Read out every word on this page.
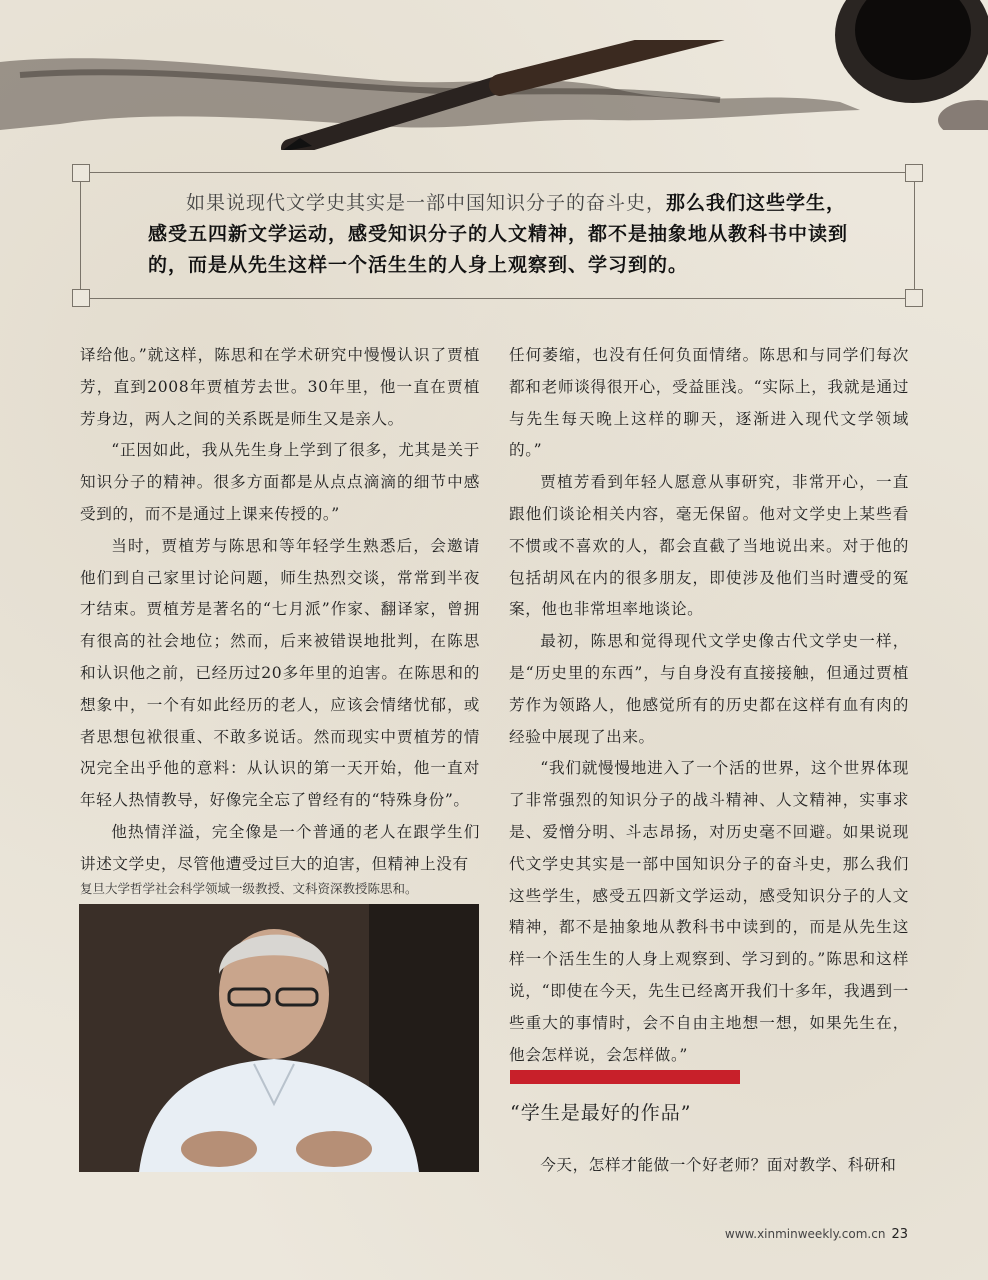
如果说现代文学史其实是一部中国知识分子的奋斗史，那么我们这些学生，感受五四新文学运动，感受知识分子的人文精神，都不是抽象地从教科书中读到的，而是从先生这样一个活生生的人身上观察到、学习到的。

译给他。”就这样，陈思和在学术研究中慢慢认识了贾植芳，直到2008年贾植芳去世。30年里，他一直在贾植芳身边，两人之间的关系既是师生又是亲人。

“正因如此，我从先生身上学到了很多，尤其是关于知识分子的精神。很多方面都是从点点滴滴的细节中感受到的，而不是通过上课来传授的。”

当时，贾植芳与陈思和等年轻学生熟悉后，会邀请他们到自己家里讨论问题，师生热烈交谈，常常到半夜才结束。贾植芳是著名的“七月派”作家、翻译家，曾拥有很高的社会地位；然而，后来被错误地批判，在陈思和认识他之前，已经历过20多年里的迫害。在陈思和的想象中，一个有如此经历的老人，应该会情绪忧郁，或者思想包袱很重、不敢多说话。然而现实中贾植芳的情况完全出乎他的意料：从认识的第一天开始，他一直对年轻人热情教导，好像完全忘了曾经有的“特殊身份”。

他热情洋溢，完全像是一个普通的老人在跟学生们讲述文学史，尽管他遭受过巨大的迫害，但精神上没有

复旦大学哲学社会科学领域一级教授、文科资深教授陈思和。

任何萎缩，也没有任何负面情绪。陈思和与同学们每次都和老师谈得很开心，受益匪浅。“实际上，我就是通过与先生每天晚上这样的聊天，逐渐进入现代文学领域的。”

贾植芳看到年轻人愿意从事研究，非常开心，一直跟他们谈论相关内容，毫无保留。他对文学史上某些看不惯或不喜欢的人，都会直截了当地说出来。对于他的包括胡风在内的很多朋友，即使涉及他们当时遭受的冤案，他也非常坦率地谈论。

最初，陈思和觉得现代文学史像古代文学史一样，是“历史里的东西”，与自身没有直接接触，但通过贾植芳作为领路人，他感觉所有的历史都在这样有血有肉的经验中展现了出来。

“我们就慢慢地进入了一个活的世界，这个世界体现了非常强烈的知识分子的战斗精神、人文精神，实事求是、爱憎分明、斗志昂扬，对历史毫不回避。如果说现代文学史其实是一部中国知识分子的奋斗史，那么我们这些学生，感受五四新文学运动，感受知识分子的人文精神，都不是抽象地从教科书中读到的，而是从先生这样一个活生生的人身上观察到、学习到的。”陈思和这样说，“即使在今天，先生已经离开我们十多年，我遇到一些重大的事情时，会不自由主地想一想，如果先生在，他会怎样说，会怎样做。”

“学生是最好的作品”
今天，怎样才能做一个好老师？面对教学、科研和
www.xinminweekly.com.cn 23
